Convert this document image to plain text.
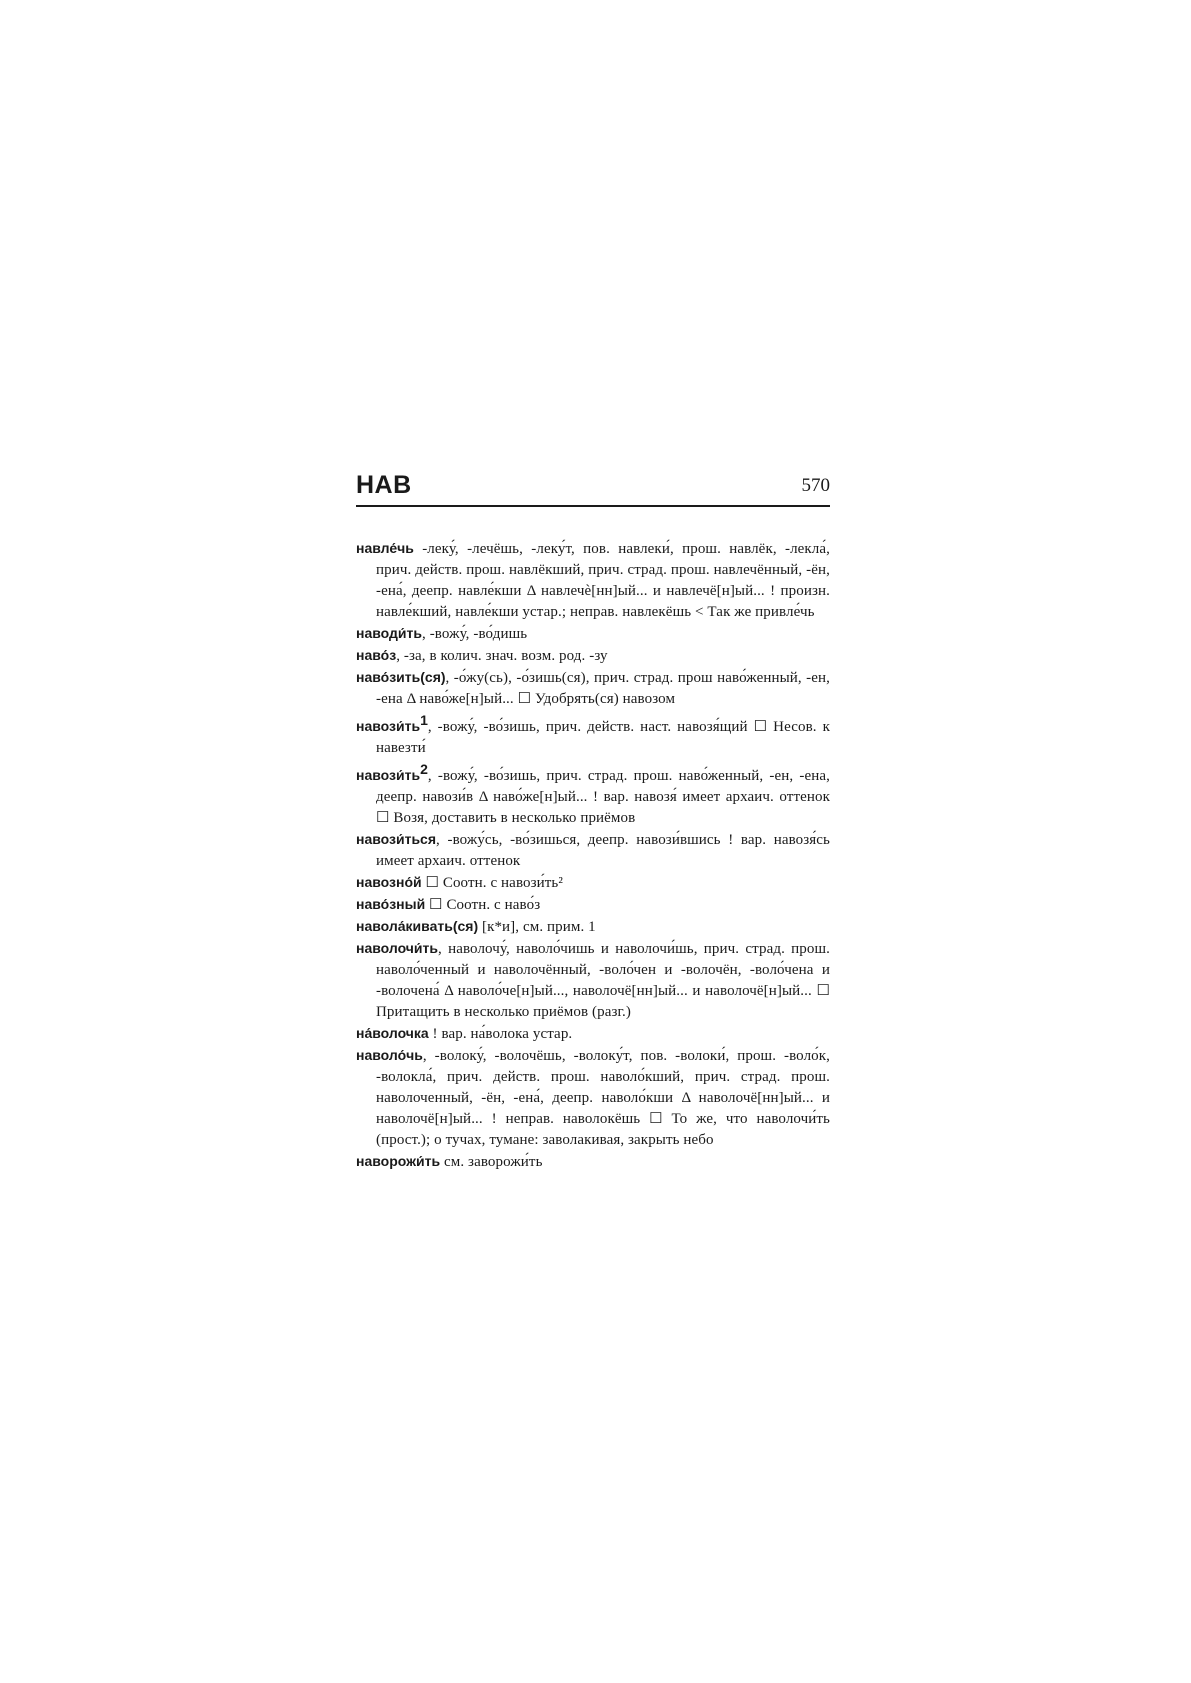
НАВ	570

навле́чь -леку́, -лечёшь, -леку́т, пов. навлеки́, прош. навлёк, -лекла́, прич. действ. прош. навлёкший, прич. страд. прош. навлечённый, -ён, -ена́, деепр. навле́кши Δ навлечѐ[нн]ый... и навлечё[н]ый... ! произн. навле́кший, навле́кши устар.; неправ. навлекёшь < Так же привле́чь

наводи́ть, -вожу́, -во́дишь

наво́з, -за, в колич. знач. возм. род. -зу

наво́зить(ся), -о́жу(сь), -о́зишь(ся), прич. страд. прош наво́женный, -ен, -ена Δ наво́же[н]ый... ☐ Удобрять(ся) навозом

$навози́ть^1$, -вожу́, -во́зишь, прич. действ. наст. навозя́щий ☐ Несов. к навезти́

$навози́ть^2$, -вожу́, -во́зишь, прич. страд. прош. наво́женный, -ен, -ена, деепр. навози́в Δ наво́же[н]ый... ! вар. навозя́ имеет архаич. оттенок ☐ Возя, доставить в несколько приёмов

навози́ться, -вожу́сь, -во́зишься, деепр. навози́вшись ! вар. навозя́сь имеет архаич. оттенок

навозно́й ☐ Соотн. с навози́ть²

наво́зный ☐ Соотн. с наво́з

навола́кивать(ся) [к*и], см. прим. 1

наволочи́ть, наволочу́, наволо́чишь и наволочи́шь, прич. страд. прош. наволо́ченный и наволочённый, -воло́чен и -волочён, -воло́чена и -волочена́ Δ наволо́че[н]ый..., наволочё[нн]ый... и наволочё[н]ый... ☐ Притащить в несколько приёмов (разг.)

на́волочка ! вар. на́волока устар.

наволо́чь, -волоку́, -волочёшь, -волоку́т, пов. -волоки́, прош. -воло́к, -волокла́, прич. действ. прош. наволо́кший, прич. страд. прош. наволоченный, -ён, -ена́, деепр. наволо́кши Δ наволочё[нн]ый... и наволочё[н]ый... ! неправ. наволокёшь ☐ То же, что наволочи́ть (прост.); о тучах, тумане: заволакивая, закрыть небо

наворожи́ть см. заворожи́ть
